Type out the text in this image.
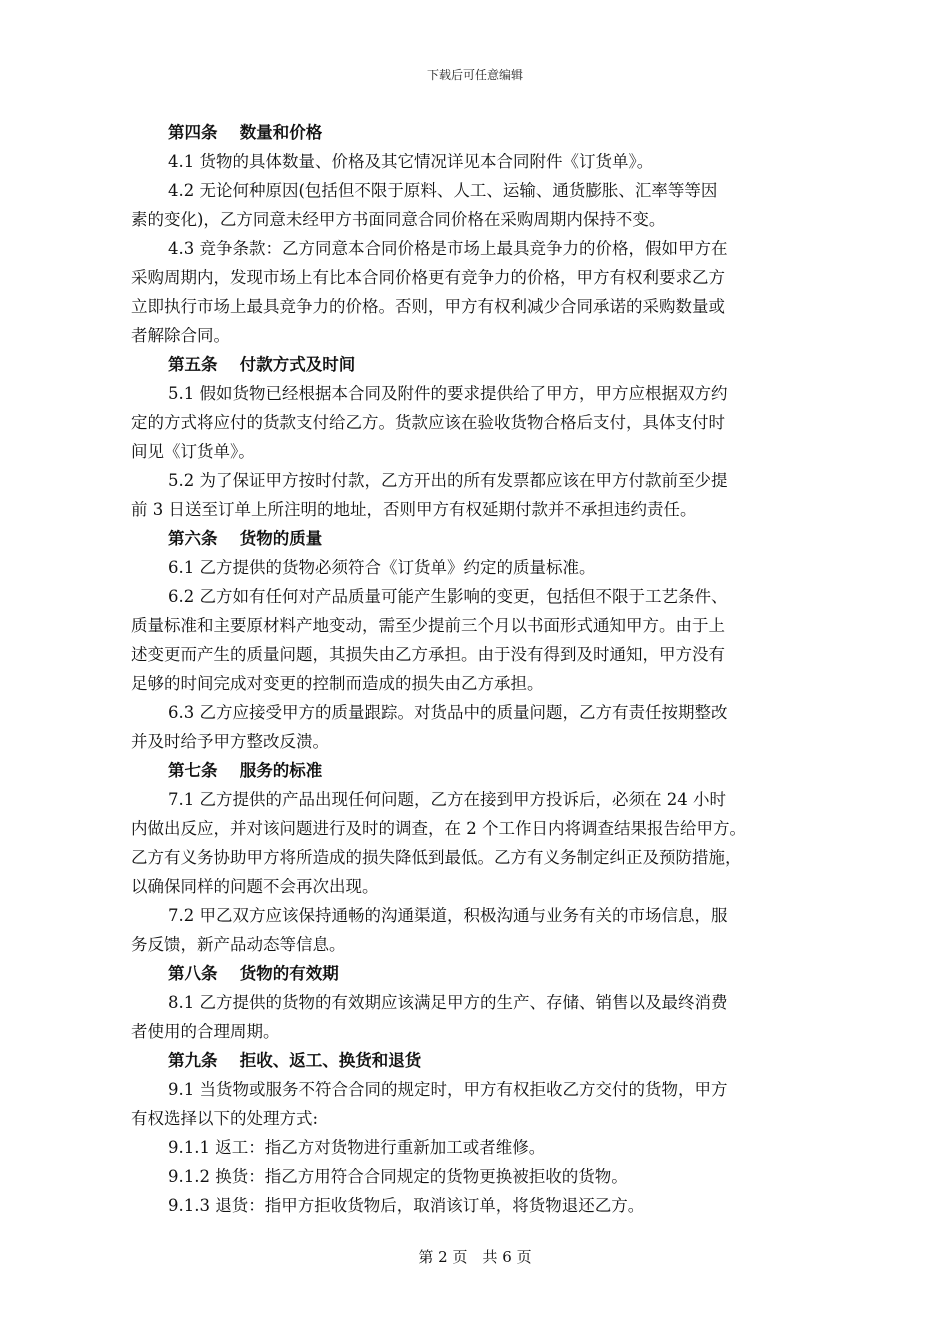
下载后可任意编辑
第四条　 数量和价格
4.1 货物的具体数量、价格及其它情况详见本合同附件《订货单》。
4.2 无论何种原因(包括但不限于原料、人工、运输、通货膨胀、汇率等等因
素的变化)，乙方同意未经甲方书面同意合同价格在采购周期内保持不变。
4.3 竞争条款：乙方同意本合同价格是市场上最具竞争力的价格，假如甲方在
采购周期内，发现市场上有比本合同价格更有竞争力的价格，甲方有权利要求乙方
立即执行市场上最具竞争力的价格。否则，甲方有权利减少合同承诺的采购数量或
者解除合同。
第五条　 付款方式及时间
5.1 假如货物已经根据本合同及附件的要求提供给了甲方，甲方应根据双方约
定的方式将应付的货款支付给乙方。货款应该在验收货物合格后支付，具体支付时
间见《订货单》。
5.2 为了保证甲方按时付款，乙方开出的所有发票都应该在甲方付款前至少提
前 3 日送至订单上所注明的地址，否则甲方有权延期付款并不承担违约责任。
第六条　 货物的质量
6.1 乙方提供的货物必须符合《订货单》约定的质量标准。
6.2 乙方如有任何对产品质量可能产生影响的变更，包括但不限于工艺条件、
质量标准和主要原材料产地变动，需至少提前三个月以书面形式通知甲方。由于上
述变更而产生的质量问题，其损失由乙方承担。由于没有得到及时通知，甲方没有
足够的时间完成对变更的控制而造成的损失由乙方承担。
6.3 乙方应接受甲方的质量跟踪。对货品中的质量问题，乙方有责任按期整改
并及时给予甲方整改反溃。
第七条　 服务的标准
7.1 乙方提供的产品出现任何问题，乙方在接到甲方投诉后，必须在 24 小时
内做出反应，并对该问题进行及时的调查，在 2 个工作日内将调查结果报告给甲方。
乙方有义务协助甲方将所造成的损失降低到最低。乙方有义务制定纠正及预防措施，
以确保同样的问题不会再次出现。
7.2 甲乙双方应该保持通畅的沟通渠道，积极沟通与业务有关的市场信息，服
务反馈，新产品动态等信息。
第八条　 货物的有效期
8.1 乙方提供的货物的有效期应该满足甲方的生产、存储、销售以及最终消费
者使用的合理周期。
第九条　 拒收、返工、换货和退货
9.1 当货物或服务不符合合同的规定时，甲方有权拒收乙方交付的货物，甲方
有权选择以下的处理方式:
9.1.1 返工：指乙方对货物进行重新加工或者维修。
9.1.2 换货：指乙方用符合合同规定的货物更换被拒收的货物。
9.1.3 退货：指甲方拒收货物后，取消该订单，将货物退还乙方。
第 2 页　共 6 页
